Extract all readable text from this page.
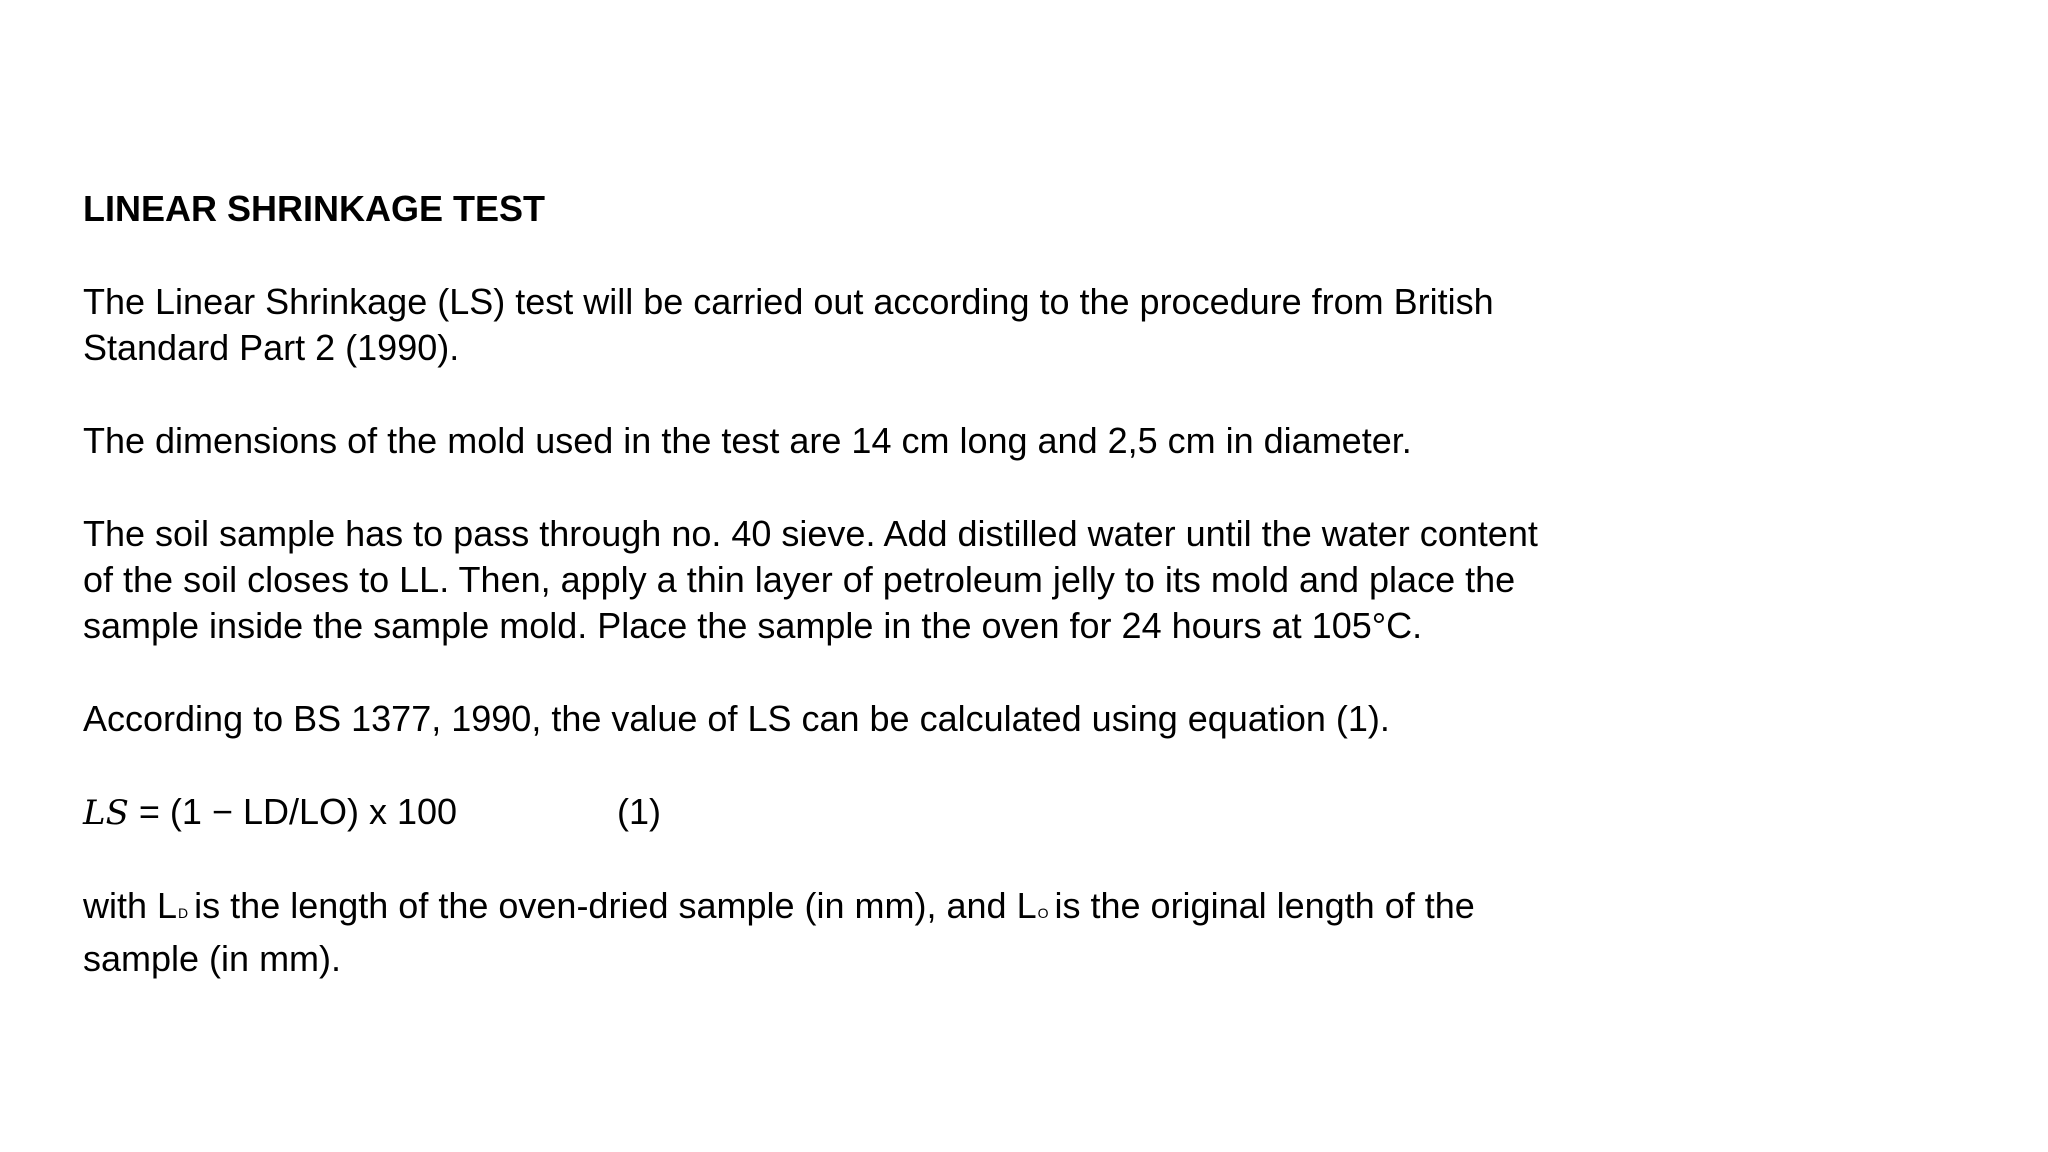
LINEAR SHRINKAGE TEST

The Linear Shrinkage (LS) test will be carried out according to the procedure from British Standard Part 2 (1990).

The dimensions of the mold used in the test are 14 cm long and 2,5 cm in diameter.

The soil sample has to pass through no. 40 sieve. Add distilled water until the water content of the soil closes to LL. Then, apply a thin layer of petroleum jelly to its mold and place the sample inside the sample mold. Place the sample in the oven for 24 hours at 105°C.

According to BS 1377, 1990, the value of LS can be calculated using equation (1).

LS = (1 − LD/LO) x 100	(1)

with LD is the length of the oven-dried sample (in mm), and LO is the original length of the sample (in mm).
